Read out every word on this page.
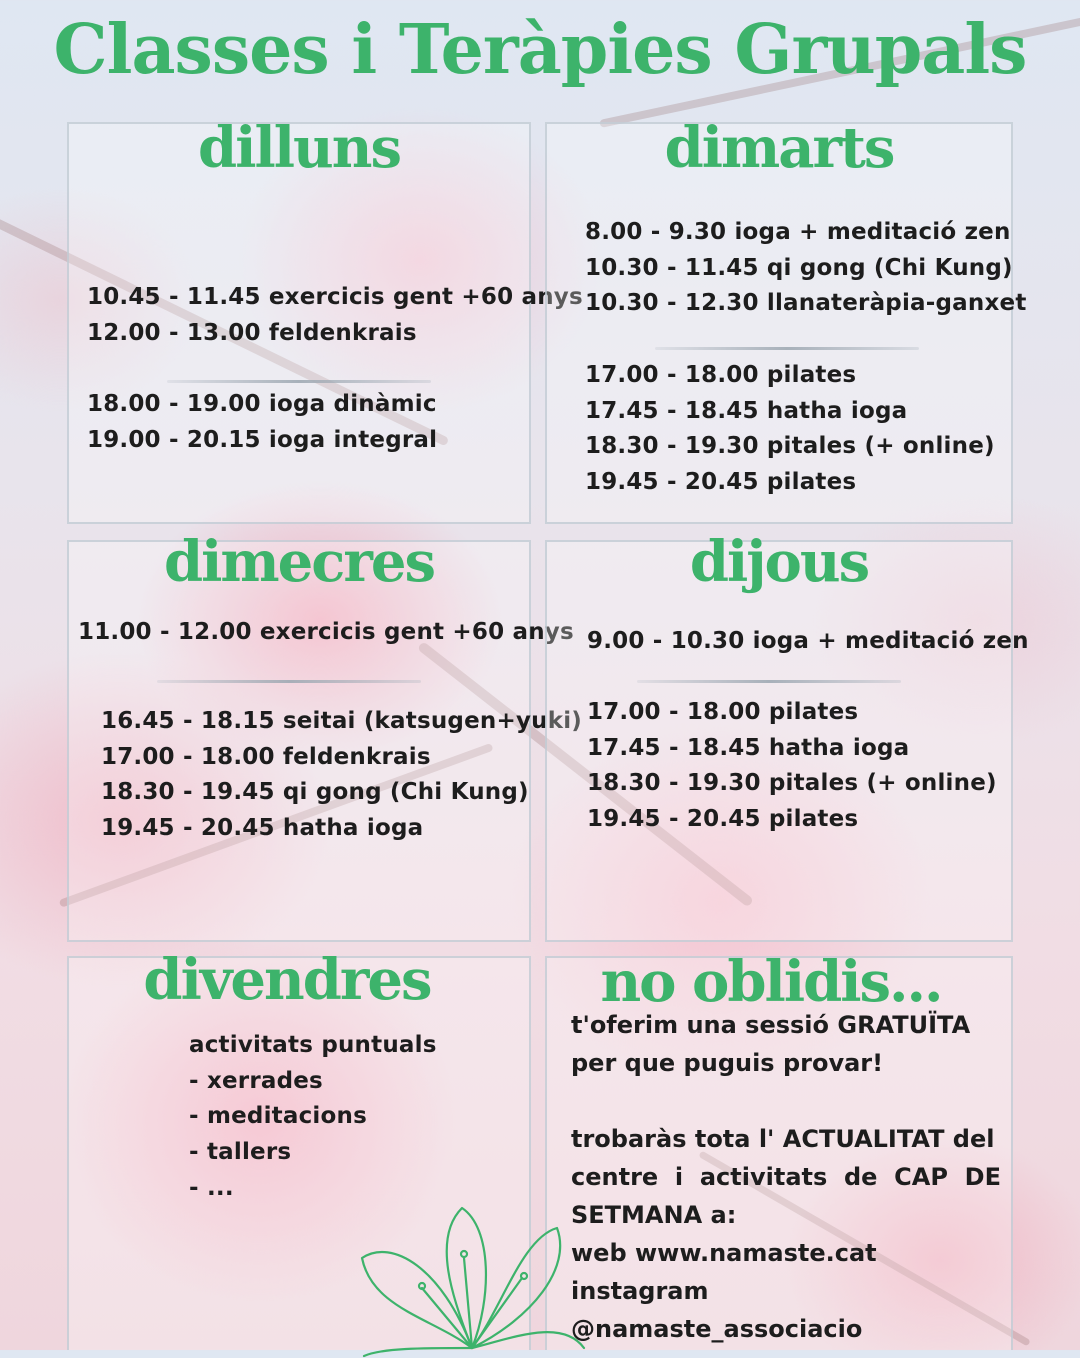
Classes i Teràpies Grupals
dilluns
10.45 - 11.45 exercicis gent +60 anys
12.00 - 13.00 feldenkrais
18.00 - 19.00 ioga dinàmic
19.00 - 20.15 ioga integral
dimarts
8.00 - 9.30 ioga + meditació zen
10.30 - 11.45 qi gong (Chi Kung)
10.30 - 12.30 llanateràpia-ganxet
17.00 - 18.00 pilates
17.45 - 18.45 hatha ioga
18.30 - 19.30 pitales (+ online)
19.45 - 20.45 pilates
dimecres
11.00 - 12.00 exercicis gent +60 anys
16.45 - 18.15 seitai (katsugen+yuki)
17.00 - 18.00 feldenkrais
18.30 - 19.45 qi gong (Chi Kung)
19.45 - 20.45 hatha ioga
dijous
9.00 - 10.30 ioga + meditació zen
17.00 - 18.00 pilates
17.45 - 18.45 hatha ioga
18.30 - 19.30 pitales (+ online)
19.45 - 20.45 pilates
divendres
activitats puntuals
- xerrades
- meditacions
- tallers
- ...
no oblidis...

t'oferim una sessió GRATUÏTA

per que puguis provar!

trobaràs tota l' ACTUALITAT del

centre i activitats de CAP DE

SETMANA a:

web www.namaste.cat

instagram

@namaste_associacio
